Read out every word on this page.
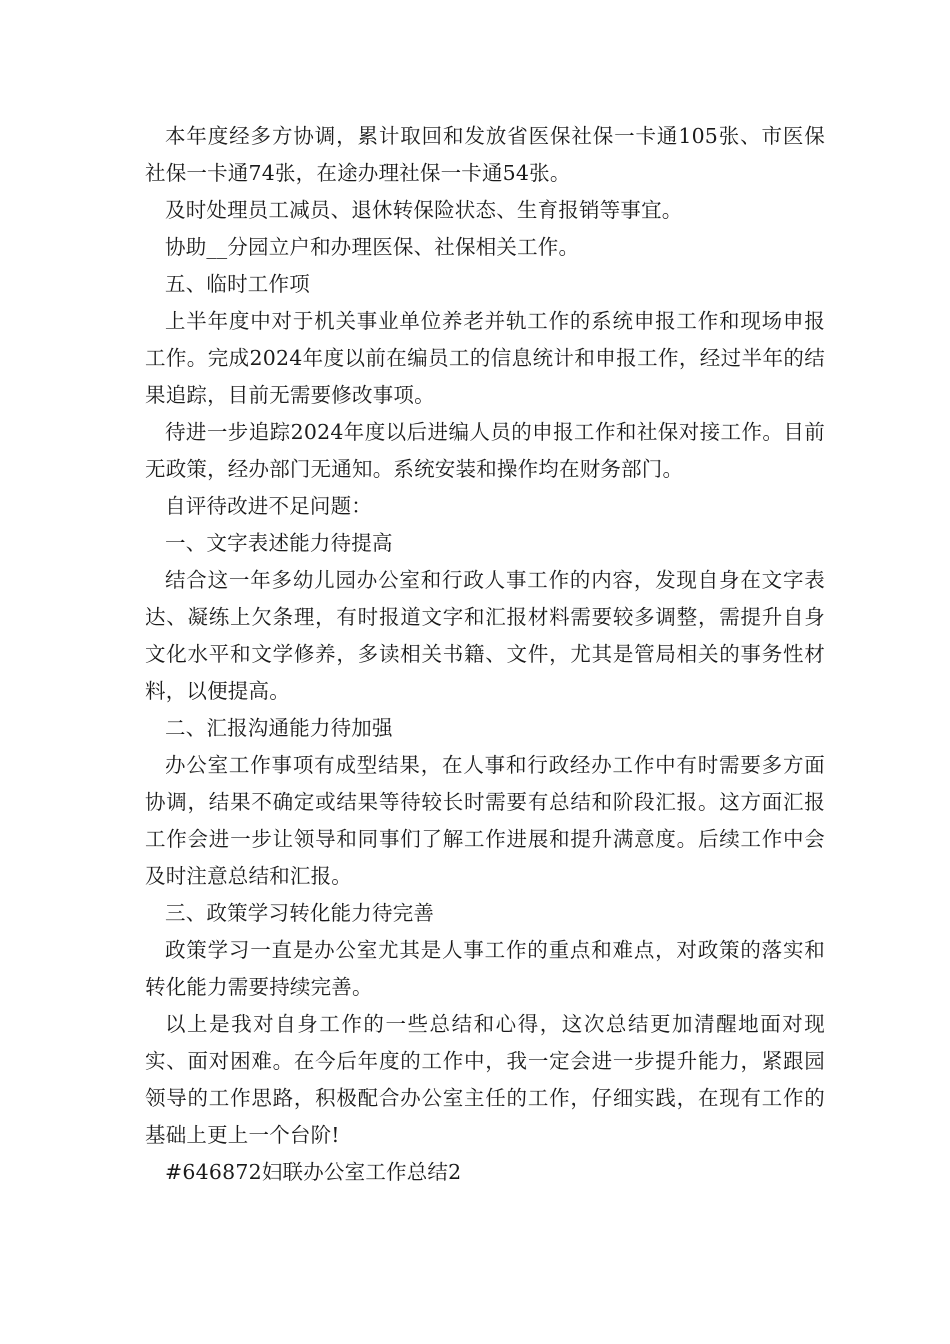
本年度经多方协调，累计取回和发放省医保社保一卡通105张、市医保社保一卡通74张，在途办理社保一卡通54张。

及时处理员工减员、退休转保险状态、生育报销等事宜。

协助__分园立户和办理医保、社保相关工作。

五、临时工作项

上半年度中对于机关事业单位养老并轨工作的系统申报工作和现场申报工作。完成2024年度以前在编员工的信息统计和申报工作，经过半年的结果追踪，目前无需要修改事项。

待进一步追踪2024年度以后进编人员的申报工作和社保对接工作。目前无政策，经办部门无通知。系统安装和操作均在财务部门。

自评待改进不足问题：

一、文字表述能力待提高

结合这一年多幼儿园办公室和行政人事工作的内容，发现自身在文字表达、凝练上欠条理，有时报道文字和汇报材料需要较多调整，需提升自身文化水平和文学修养，多读相关书籍、文件，尤其是管局相关的事务性材料，以便提高。

二、汇报沟通能力待加强

办公室工作事项有成型结果，在人事和行政经办工作中有时需要多方面协调，结果不确定或结果等待较长时需要有总结和阶段汇报。这方面汇报工作会进一步让领导和同事们了解工作进展和提升满意度。后续工作中会及时注意总结和汇报。

三、政策学习转化能力待完善

政策学习一直是办公室尤其是人事工作的重点和难点，对政策的落实和转化能力需要持续完善。

以上是我对自身工作的一些总结和心得，这次总结更加清醒地面对现实、面对困难。在今后年度的工作中，我一定会进一步提升能力，紧跟园领导的工作思路，积极配合办公室主任的工作，仔细实践，在现有工作的基础上更上一个台阶!

#646872妇联办公室工作总结2
